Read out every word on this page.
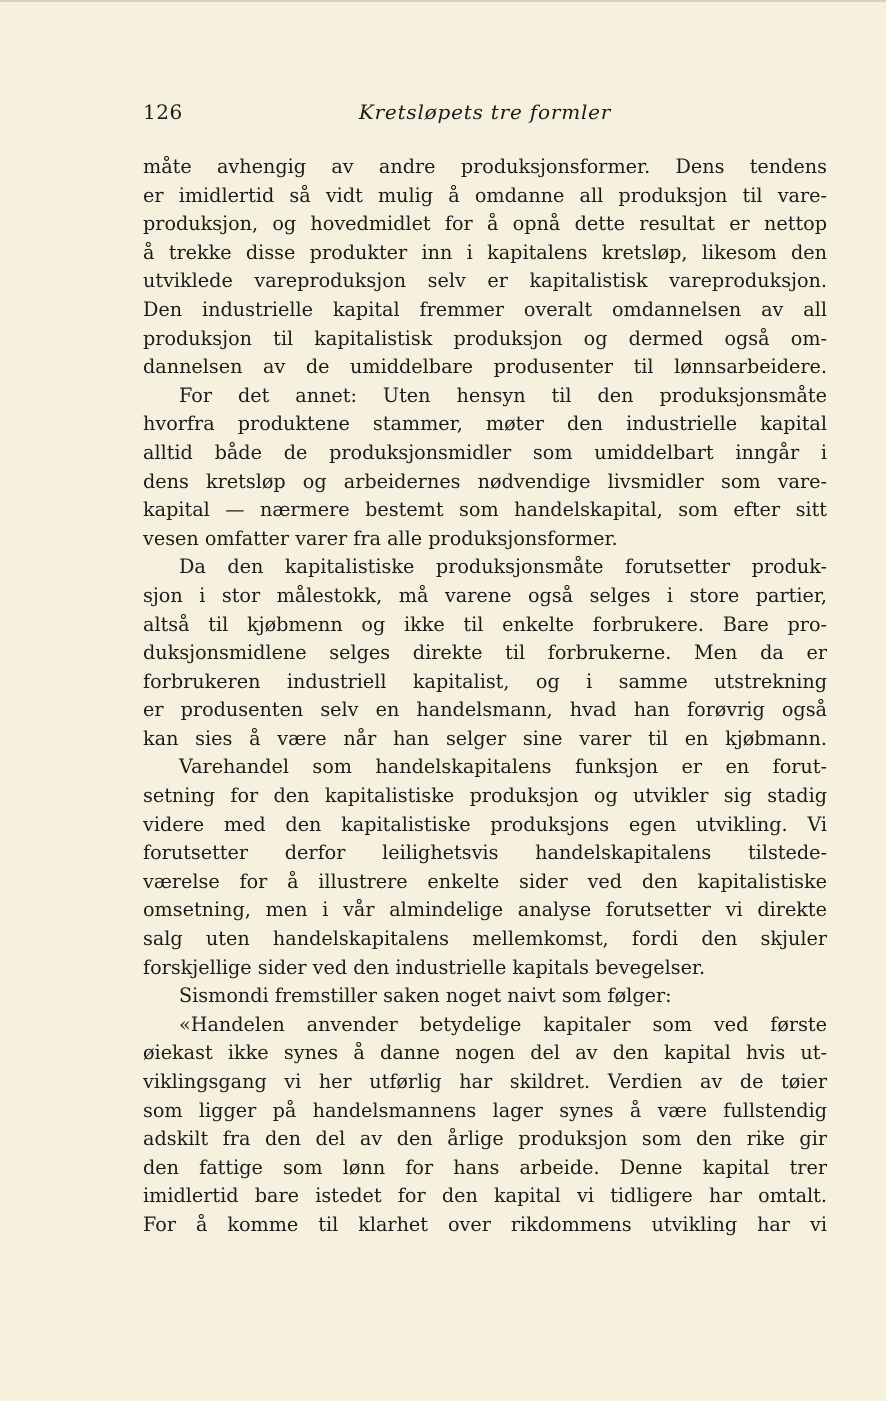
126	Kretsløpets tre formler
måte avhengig av andre produksjonsformer. Dens tendens
er imidlertid så vidt mulig å omdanne all produksjon til vare-
produksjon, og hovedmidlet for å opnå dette resultat er nettop
å trekke disse produkter inn i kapitalens kretsløp, likesom den
utviklede vareproduksjon selv er kapitalistisk vareproduksjon.
Den industrielle kapital fremmer overalt omdannelsen av all
produksjon til kapitalistisk produksjon og dermed også om-
dannelsen av de umiddelbare produsenter til lønnsarbeidere.
For det annet: Uten hensyn til den produksjonsmåte
hvorfra produktene stammer, møter den industrielle kapital
alltid både de produksjonsmidler som umiddelbart inngår i
dens kretsløp og arbeidernes nødvendige livsmidler som vare-
kapital — nærmere bestemt som handelskapital, som efter sitt
vesen omfatter varer fra alle produksjonsformer.
Da den kapitalistiske produksjonsmåte forutsetter produk-
sjon i stor målestokk, må varene også selges i store partier,
altså til kjøbmenn og ikke til enkelte forbrukere. Bare pro-
duksjonsmidlene selges direkte til forbrukerne. Men da er
forbrukeren industriell kapitalist, og i samme utstrekning
er produsenten selv en handelsmann, hvad han forøvrig også
kan sies å være når han selger sine varer til en kjøbmann.
Varehandel som handelskapitalens funksjon er en forut-
setning for den kapitalistiske produksjon og utvikler sig stadig
videre med den kapitalistiske produksjons egen utvikling. Vi
forutsetter derfor leilighetsvis handelskapitalens tilstede-
værelse for å illustrere enkelte sider ved den kapitalistiske
omsetning, men i vår almindelige analyse forutsetter vi direkte
salg uten handelskapitalens mellemkomst, fordi den skjuler
forskjellige sider ved den industrielle kapitals bevegelser.
Sismondi fremstiller saken noget naivt som følger:
«Handelen anvender betydelige kapitaler som ved første
øiekast ikke synes å danne nogen del av den kapital hvis ut-
viklingsgang vi her utførlig har skildret. Verdien av de tøier
som ligger på handelsmannens lager synes å være fullstendig
adskilt fra den del av den årlige produksjon som den rike gir
den fattige som lønn for hans arbeide. Denne kapital trer
imidlertid bare istedet for den kapital vi tidligere har omtalt.
For å komme til klarhet over rikdommens utvikling har vi
